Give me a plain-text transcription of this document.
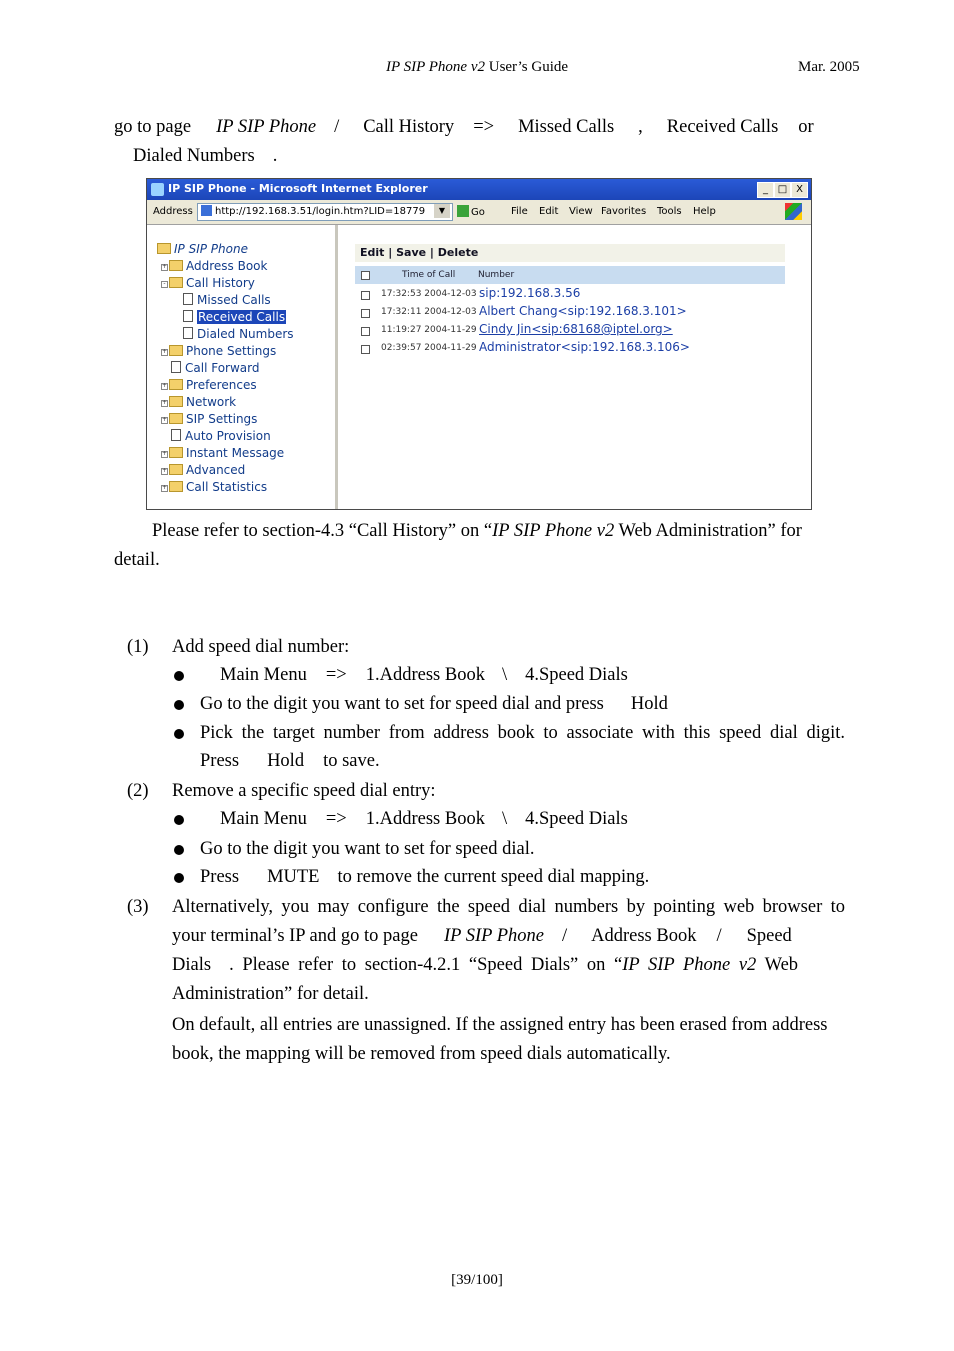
IP SIP Phone v2 User’s Guide	Mar. 2005
go to page IP SIP Phone / Call History => Missed Calls , Received Calls or
Dialed Numbers .
IP SIP Phone - Microsoft Internet Explorer	_ □ X
Address	http://192.168.3.51/login.htm?LID=18779	▼	Go	File Edit View Favorites Tools Help
IP SIP Phone
+ Address Book
- Call History
Missed Calls
Received Calls
Dialed Numbers
+ Phone Settings
Call Forward
+ Preferences
+ Network
+ SIP Settings
Auto Provision
+ Instant Message
+ Advanced
+ Call Statistics
Edit | Save | Delete
Time of Call	Number
17:32:53 2004-12-03 sip:192.168.3.56
17:32:11 2004-12-03 Albert Chang<sip:192.168.3.101>
11:19:27 2004-11-29 Cindy Jin<sip:68168@iptel.org>
02:39:57 2004-11-29 Administrator<sip:192.168.3.106>
Please refer to section-4.3 “Call History” on “IP SIP Phone v2 Web Administration” for
detail.
(1) Add speed dial number:
Main Menu => 1.Address Book \ 4.Speed Dials
Go to the digit you want to set for speed dial and press Hold
Pick the target number from address book to associate with this speed dial digit.
Press Hold to save.
(2) Remove a specific speed dial entry:
Main Menu => 1.Address Book \ 4.Speed Dials
Go to the digit you want to set for speed dial.
Press MUTE to remove the current speed dial mapping.
(3) Alternatively, you may configure the speed dial numbers by pointing web browser to
your terminal’s IP and go to page IP SIP Phone / Address Book / Speed
Dials . Please refer to section-4.2.1 “Speed Dials” on “IP SIP Phone v2 Web
Administration” for detail.
On default, all entries are unassigned. If the assigned entry has been erased from address
book, the mapping will be removed from speed dials automatically.
[39/100]
